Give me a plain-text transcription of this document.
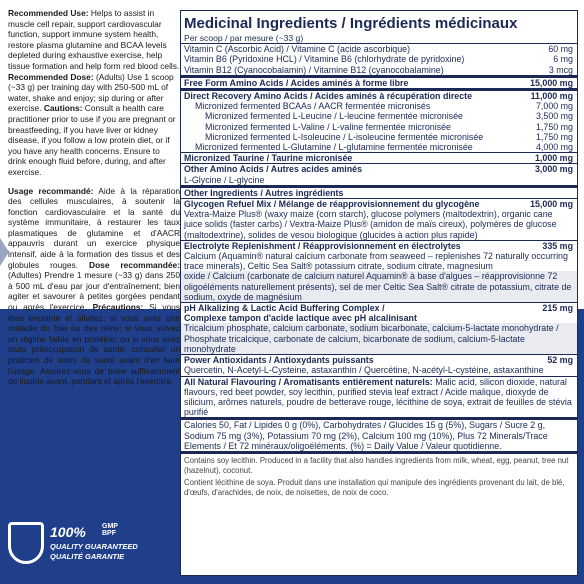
Recommended Use: Helps to assist in muscle cell repair, support cardiovascular function, support immune system health, restore plasma glutamine and BCAA levels depleted during exhaustive exercise, help tissue formation and help form red blood cells. Recommended Dose: (Adults) Use 1 scoop (~33 g) per training day with 250-500 mL of water, shake and enjoy; sip during or after exercise. Cautions: Consult a health care practitioner prior to use if you are pregnant or breastfeeding, if you have liver or kidney disease, if you follow a low protein diet, or if you have any health concerns. Ensure to drink enough fluid before, during, and after exercise.

Usage recommandé: Aide à la réparation des cellules musculaires, à soutenir la fonction cardiovasculaire et la santé du système immunitaire, à restaurer les taux plasmatiques de glutamine et d'AACR appauvris durant un exercice physique intensif, aide à la formation des tissus et des globules rouges. Dose recommandée: (Adultes) Prendre 1 mesure (~33 g) dans 250 à 500 mL d'eau par jour d'entraînement; bien agiter et savourer à petites gorgées pendant ou après l'exercice. Précautions: Si vous êtes enceinte et allaitez; si vous avez une maladie du foie ou des reins; si vous suivez un régime faible en protéine; ou si vous avez toute préoccupation de santé; consulter un praticien de soins de santé avant d'en faire l'usage. Assurez-vous de boire suffisamment de liquide avant, pendant et après l'exercice.

Medicinal Ingredients / Ingrédients médicinaux
Per scoop / par mesure (~33 g)
Vitamin C (Ascorbic Acid) / Vitamine C (acide ascorbique)	60 mg
Vitamin B6 (Pyridoxine HCL) / Vitamine B6 (chlorhydrate de pyridoxine)	6 mg
Vitamin B12 (Cyanocobalamin) / Vitamine B12 (cyanocobalamine)	3 mcg
Free Form Amino Acids / Acides aminés à forme libre	15,000 mg
Direct Recovery Amino Acids / Acides aminés à récupération directe	11,000 mg
Micronized fermented BCAAs / AACR fermentée micronisés	7,000 mg
Micronized fermented L-Leucine / L-leucine fermentée micronisée	3,500 mg
Micronized fermented L-Valine / L-valine fermentée micronisée	1,750 mg
Micronized fermented L-Isoleucine / L-isoleucine fermentée micronisée	1,750 mg
Micronized fermented L-Glutamine / L-glutamine fermentée micronisée	4,000 mg
Micronized Taurine / Taurine micronisée	1,000 mg
Other Amino Acids / Autres acides aminés	3,000 mg
L-Glycine / L-glycine
Other Ingredients / Autres ingrédients
Glycogen Refuel Mix / Mélange de réapprovisionnement du glycogène	15,000 mg
Vextra-Maize Plus® (waxy maize (corn starch), glucose polymers (maltodextrin), organic cane juice solids (faster carbs) / Vextra-Maize Plus® (amidon de maïs cireux), polymères de glucose (maltodextrine), solides de vesou biologique (glucides à action plus rapide)
Electrolyte Replenishment / Réapprovisionnement en électrolytes	335 mg
Calcium (Aquamin® natural calcium carbonate from seaweed – replenishes 72 naturally occurring trace minerals), Celtic Sea Salt® potassium citrate, sodium citrate, magnesium
oxide / Calcium (carbonate de calcium naturel Aquamin® à base d'algues – réapprovisionne 72 oligoéléments naturellement présents), sel de mer Celtic Sea Salt® citrate de potassium, citrate de sodium, oxyde de magnésium
pH Alkalizing & Lactic Acid Buffering Complex /	215 mg
Complexe tampon d'acide lactique avec pH alcalinisant
Tricalcium phosphate, calcium carbonate, sodium bicarbonate, calcium-5-lactate monohydrate / Phosphate tricalcique, carbonate de calcium, bicarbonate de sodium, calcium-5-lactate monohydrate
Power Antioxidants / Antioxydants puissants	52 mg
Quercetin, N-Acetyl-L-Cysteine, astaxanthin / Quercétine, N-acétyl-L-cystéine, astaxanthine
All Natural Flavouring / Aromatisants entièrement naturels: Malic acid, silicon dioxide, natural flavours, red beet powder, soy lecithin, purified stevia leaf extract / Acide malique, dioxyde de silicium, arômes naturels, poudre de betterave rouge, lécithine de soya, extrait de feuilles de stévia purifié
Calories 50, Fat / Lipides 0 g (0%), Carbohydrates / Glucides 15 g (5%), Sugars / Sucre 2 g, Sodium 75 mg (3%), Potassium 70 mg (2%), Calcium 100 mg (10%), Plus 72 Minerals/Trace Elements / Et 72 minéraux/oligoéléments. (%) = Daily Value / Valeur quotidienne.
Contains soy lecithin. Produced in a facility that also handles ingredients from milk, wheat, egg, peanut, tree nut (hazelnut), coconut.
Contient lécithine de soya. Produit dans une installation qui manipule des ingrédients provenant du lait, de blé, d'œufs, d'arachides, de noix, de noisettes, de noix de coco.
100% GMP
BPF
QUALITY GUARANTEED
QUALITÉ GARANTIE
